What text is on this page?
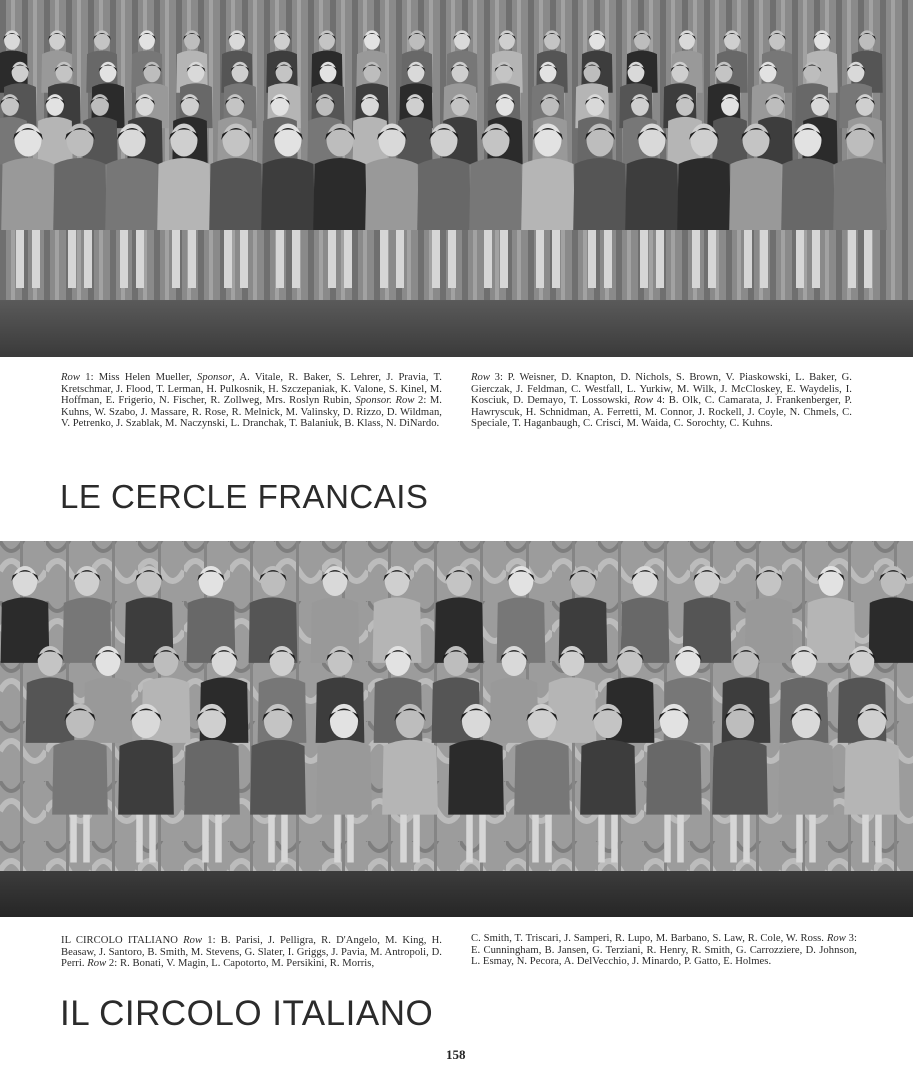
Row 1: Miss Helen Mueller, Sponsor, A. Vitale, R. Baker, S. Lehrer, J. Pravia, T. Kretschmar, J. Flood, T. Lerman, H. Pulkosnik, H. Szczepaniak, K. Valone, S. Kinel, M. Hoffman, E. Frigerio, N. Fischer, R. Zollweg, Mrs. Roslyn Rubin, Sponsor. Row 2: M. Kuhns, W. Szabo, J. Massare, R. Rose, R. Melnick, M. Valinsky, D. Rizzo, D. Wildman, V. Petrenko, J. Szablak, M. Naczynski, L. Dranchak, T. Balaniuk, B. Klass, N. DiNardo.
Row 3: P. Weisner, D. Knapton, D. Nichols, S. Brown, V. Piaskowski, L. Baker, G. Gierczak, J. Feldman, C. Westfall, L. Yurkiw, M. Wilk, J. McCloskey, E. Waydelis, I. Kosciuk, D. Demayo, T. Lossowski, Row 4: B. Olk, C. Camarata, J. Frankenberger, P. Hawryscuk, H. Schnidman, A. Ferretti, M. Connor, J. Rockell, J. Coyle, N. Chmels, C. Speciale, T. Haganbaugh, C. Crisci, M. Waida, C. Sorochty, C. Kuhns.
LE CERCLE FRANCAIS
IL CIRCOLO ITALIANO Row 1: B. Parisi, J. Pelligra, R. D'Angelo, M. King, H. Beasaw, J. Santoro, B. Smith, M. Stevens, G. Slater, I. Griggs, J. Pavia, M. Antropoli, D. Perri. Row 2: R. Bonati, V. Magin, L. Capotorto, M. Persikini, R. Morris,
C. Smith, T. Triscari, J. Samperi, R. Lupo, M. Barbano, S. Law, R. Cole, W. Ross. Row 3: E. Cunningham, B. Jansen, G. Terziani, R. Henry, R. Smith, G. Carrozziere, D. Johnson, L. Esmay, N. Pecora, A. DelVecchio, J. Minardo, P. Gatto, E. Holmes.
IL CIRCOLO ITALIANO
158
